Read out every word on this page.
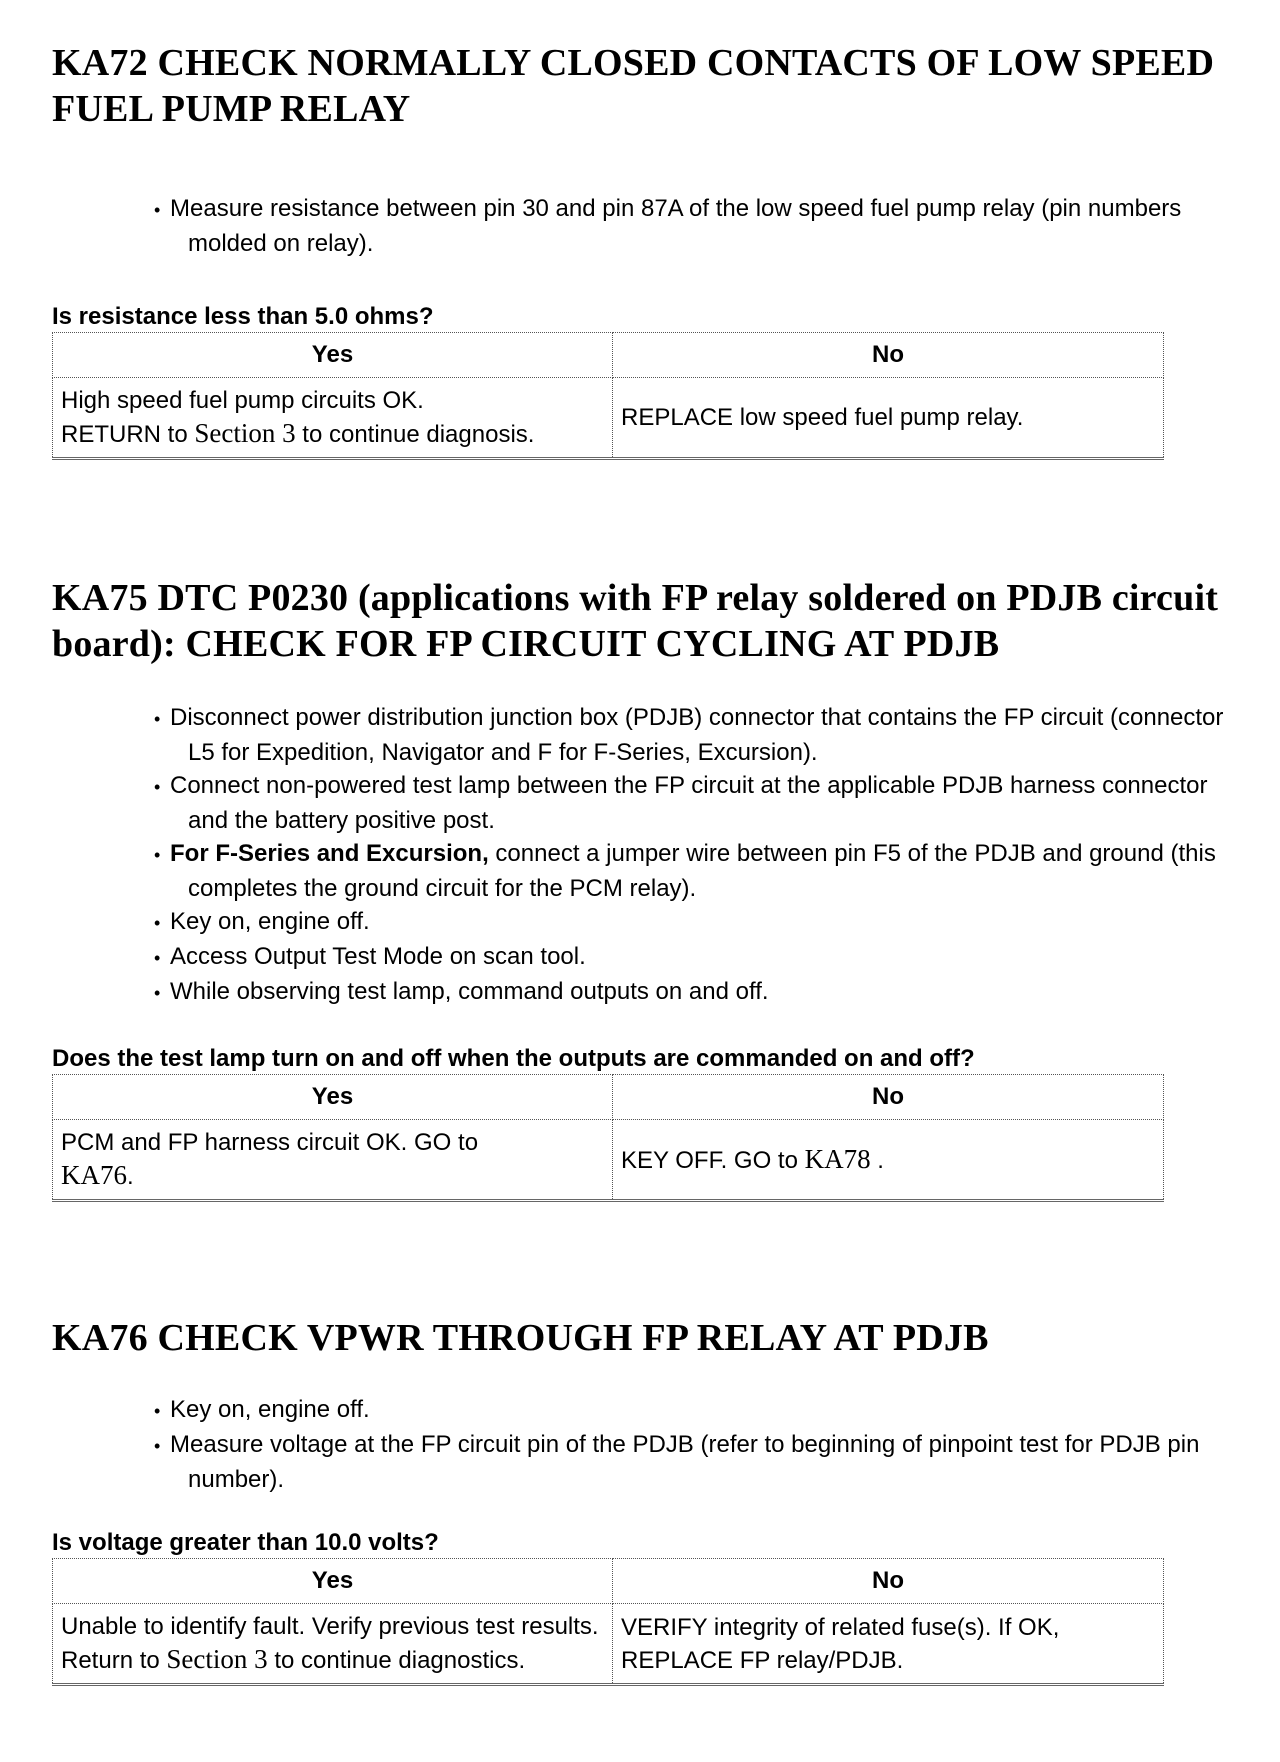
KA72 CHECK NORMALLY CLOSED CONTACTS OF LOW SPEED FUEL PUMP RELAY
• Measure resistance between pin 30 and pin 87A of the low speed fuel pump relay (pin numbers molded on relay).

Is resistance less than 5.0 ohms?

Yes	No
High speed fuel pump circuits OK.
RETURN to Section 3 to continue diagnosis.	REPLACE low speed fuel pump relay.
KA75 DTC P0230 (applications with FP relay soldered on PDJB circuit board): CHECK FOR FP CIRCUIT CYCLING AT PDJB
• Disconnect power distribution junction box (PDJB) connector that contains the FP circuit (connector L5 for Expedition, Navigator and F for F-Series, Excursion).
• Connect non-powered test lamp between the FP circuit at the applicable PDJB harness connector and the battery positive post.
• For F-Series and Excursion, connect a jumper wire between pin F5 of the PDJB and ground (this completes the ground circuit for the PCM relay).
• Key on, engine off.
• Access Output Test Mode on scan tool.
• While observing test lamp, command outputs on and off.

Does the test lamp turn on and off when the outputs are commanded on and off?

Yes	No
PCM and FP harness circuit OK. GO to
KA76.	KEY OFF. GO to KA78 .
KA76 CHECK VPWR THROUGH FP RELAY AT PDJB
• Key on, engine off.
• Measure voltage at the FP circuit pin of the PDJB (refer to beginning of pinpoint test for PDJB pin number).

Is voltage greater than 10.0 volts?

Yes	No
Unable to identify fault. Verify previous test results. Return to Section 3 to continue diagnostics.	VERIFY integrity of related fuse(s). If OK, REPLACE FP relay/PDJB.
